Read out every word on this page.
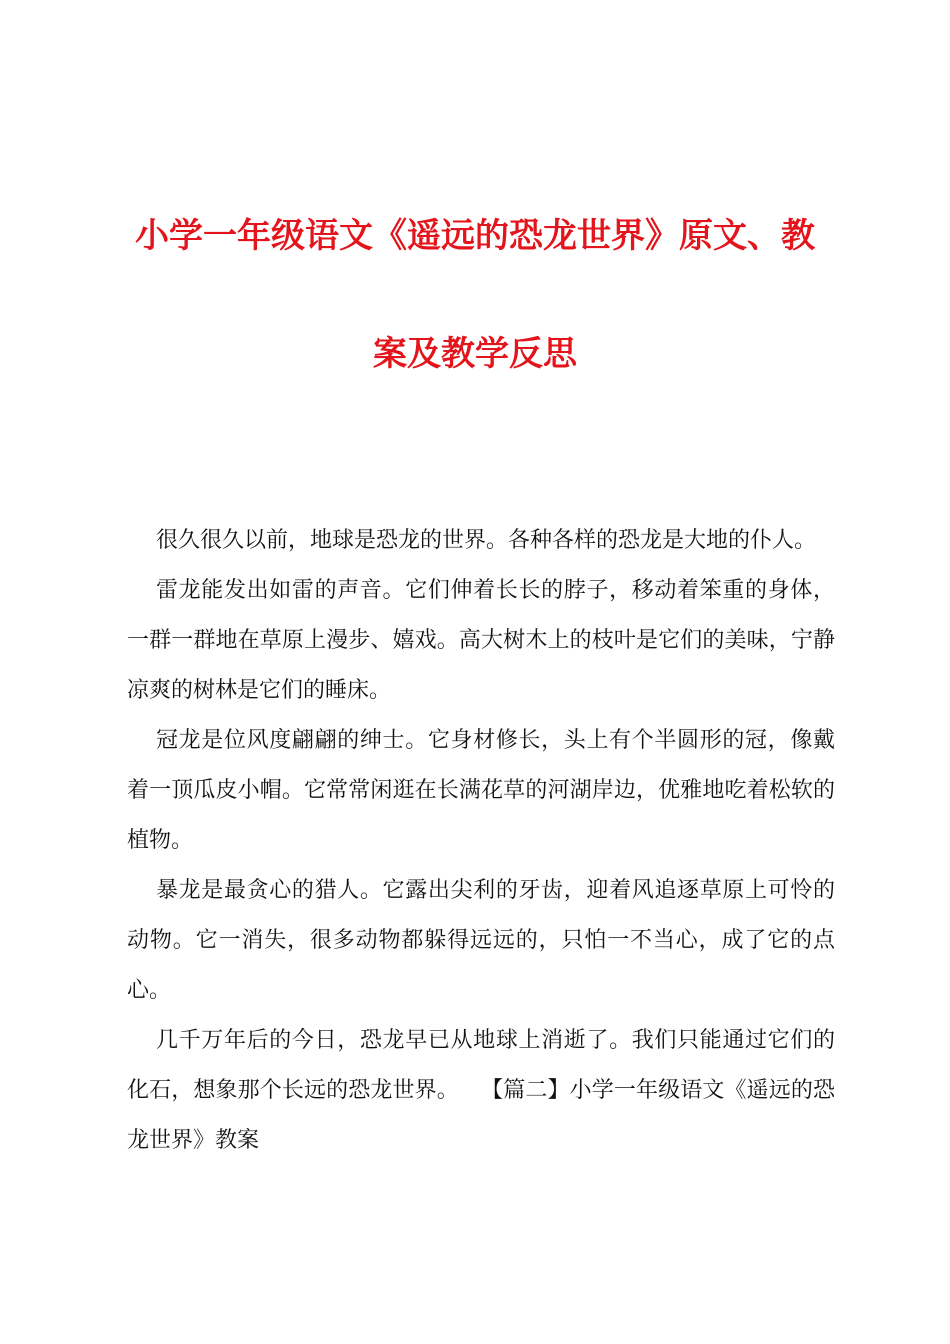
小学一年级语文《遥远的恐龙世界》原文、教
案及教学反思

很久很久以前，地球是恐龙的世界。各种各样的恐龙是大地的仆人。

雷龙能发出如雷的声音。它们伸着长长的脖子，移动着笨重的身体，一群一群地在草原上漫步、嬉戏。高大树木上的枝叶是它们的美味，宁静凉爽的树林是它们的睡床。

冠龙是位风度翩翩的绅士。它身材修长，头上有个半圆形的冠，像戴着一顶瓜皮小帽。它常常闲逛在长满花草的河湖岸边，优雅地吃着松软的植物。

暴龙是最贪心的猎人。它露出尖利的牙齿，迎着风追逐草原上可怜的动物。它一消失，很多动物都躲得远远的，只怕一不当心，成了它的点心。

几千万年后的今日，恐龙早已从地球上消逝了。我们只能通过它们的化石，想象那个长远的恐龙世界。　　【篇二】小学一年级语文《遥远的恐龙世界》教案
